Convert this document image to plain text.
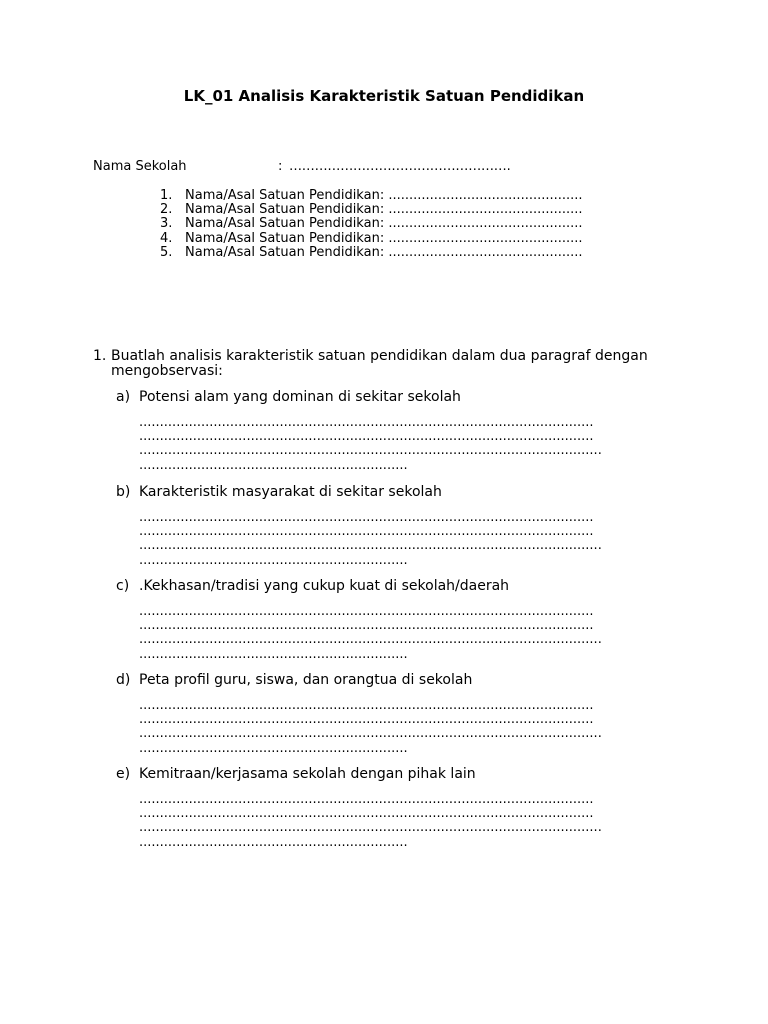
LK_01 Analisis Karakteristik Satuan Pendidikan
Nama Sekolah	: …………………………………………….
1. Nama/Asal Satuan Pendidikan: ...............................................
2. Nama/Asal Satuan Pendidikan: ...............................................
3. Nama/Asal Satuan Pendidikan: ...............................................
4. Nama/Asal Satuan Pendidikan: ...............................................
5. Nama/Asal Satuan Pendidikan: ...............................................
1. Buatlah analisis karakteristik satuan pendidikan dalam dua paragraf dengan
mengobservasi:
a) Potensi alam yang dominan di sekitar sekolah
..............................................................................................................
..............................................................................................................
................................................................................................................
.................................................................
b) Karakteristik masyarakat di sekitar sekolah
..............................................................................................................
..............................................................................................................
................................................................................................................
.................................................................
c) .Kekhasan/tradisi yang cukup kuat di sekolah/daerah
..............................................................................................................
..............................................................................................................
................................................................................................................
.................................................................
d) Peta profil guru, siswa, dan orangtua di sekolah
..............................................................................................................
..............................................................................................................
................................................................................................................
.................................................................
e) Kemitraan/kerjasama sekolah dengan pihak lain
..............................................................................................................
..............................................................................................................
................................................................................................................
.................................................................
